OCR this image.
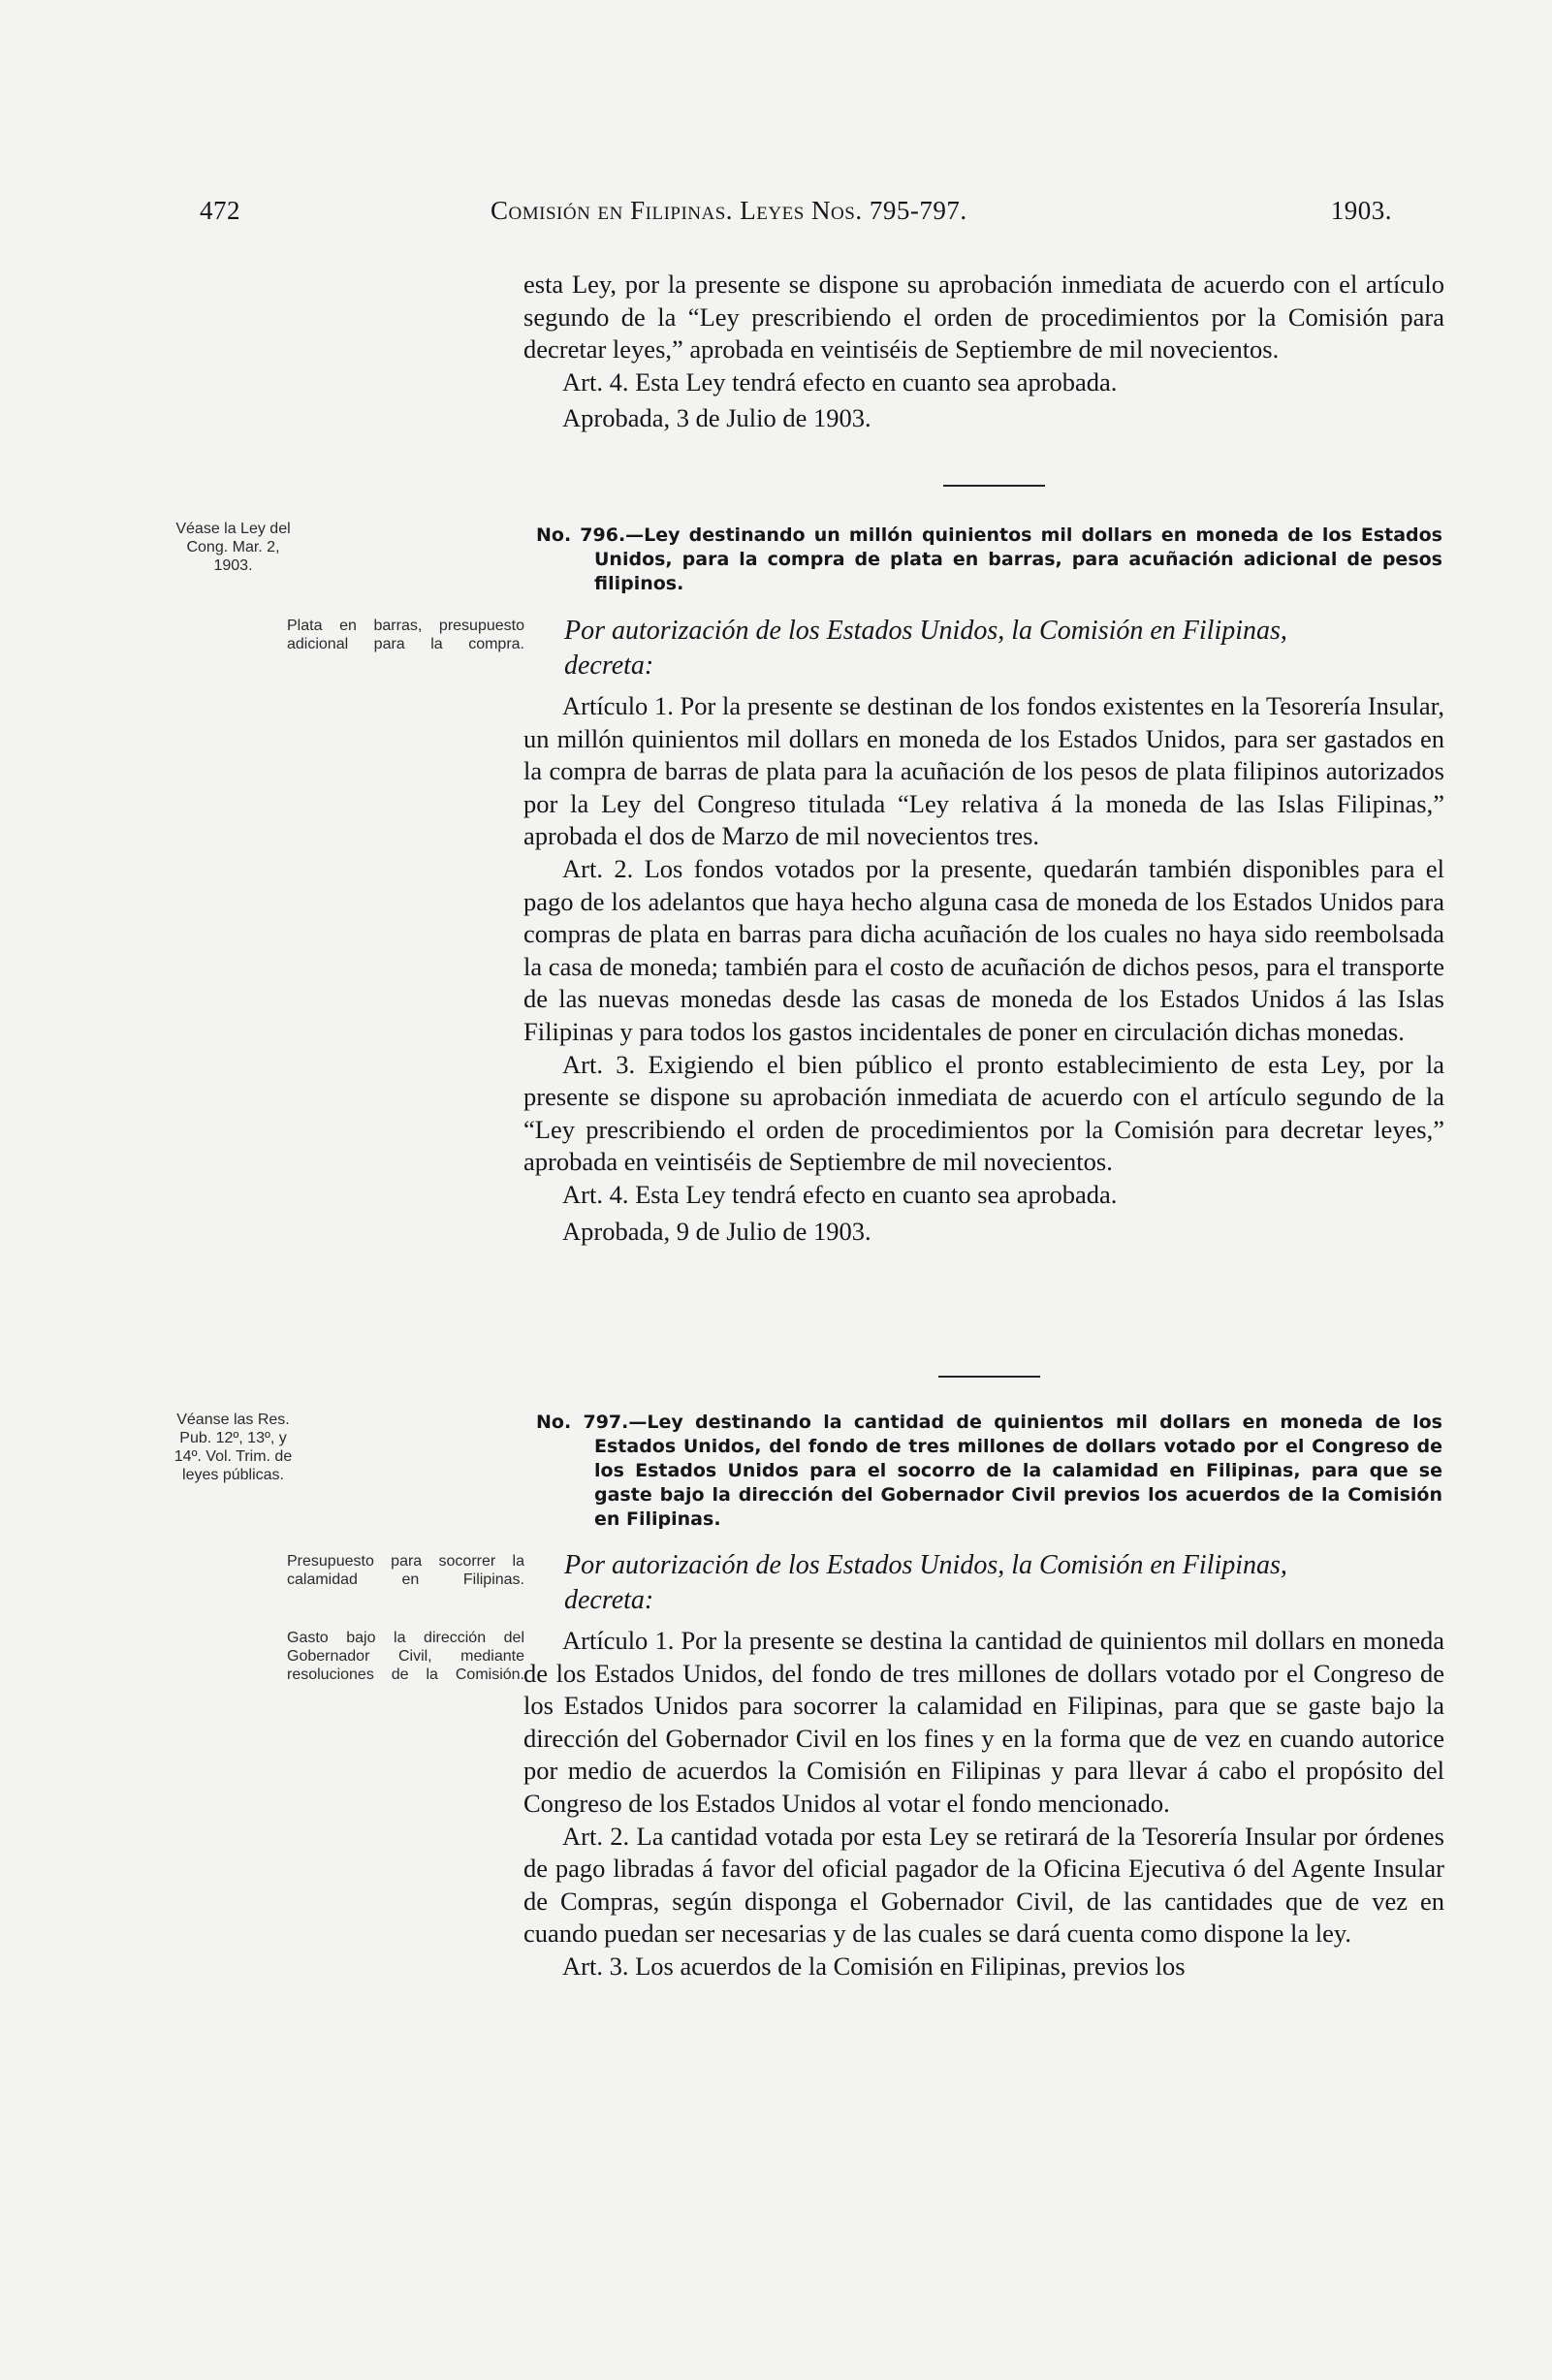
472	Comisión en Filipinas. Leyes Nos. 795-797.	1903.

esta Ley, por la presente se dispone su aprobación inmediata de acuerdo con el artículo segundo de la “Ley prescribiendo el orden de procedimientos por la Comisión para decretar leyes,” aprobada en veintiséis de Septiembre de mil novecientos.

Art. 4. Esta Ley tendrá efecto en cuanto sea aprobada.

Aprobada, 3 de Julio de 1903.

Véase la Ley del Cong. Mar. 2, 1903.
No. 796.—Ley destinando un millón quinientos mil dollars en moneda de los Estados Unidos, para la compra de plata en barras, para acuñación adicional de pesos filipinos.
Plata en barras, presupuesto adicional para la compra. Por autorización de los Estados Unidos, la Comisión en Filipinas,
decreta:

Artículo 1. Por la presente se destinan de los fondos existentes en la Tesorería Insular, un millón quinientos mil dollars en moneda de los Estados Unidos, para ser gastados en la compra de barras de plata para la acuñación de los pesos de plata filipinos autorizados por la Ley del Congreso titulada “Ley relativa á la moneda de las Islas Filipinas,” aprobada el dos de Marzo de mil novecientos tres.

Art. 2. Los fondos votados por la presente, quedarán también disponibles para el pago de los adelantos que haya hecho alguna casa de moneda de los Estados Unidos para compras de plata en barras para dicha acuñación de los cuales no haya sido reembolsada la casa de moneda; también para el costo de acuñación de dichos pesos, para el transporte de las nuevas monedas desde las casas de moneda de los Estados Unidos á las Islas Filipinas y para todos los gastos incidentales de poner en circulación dichas monedas.

Art. 3. Exigiendo el bien público el pronto establecimiento de esta Ley, por la presente se dispone su aprobación inmediata de acuerdo con el artículo segundo de la “Ley prescribiendo el orden de procedimientos por la Comisión para decretar leyes,” aprobada en veintiséis de Septiembre de mil novecientos.

Art. 4. Esta Ley tendrá efecto en cuanto sea aprobada.

Aprobada, 9 de Julio de 1903.

Véanse las Res. Pub. 12º, 13º, y 14º. Vol. Trim. de leyes públicas.
No. 797.—Ley destinando la cantidad de quinientos mil dollars en moneda de los Estados Unidos, del fondo de tres millones de dollars votado por el Congreso de los Estados Unidos para el socorro de la calamidad en Filipinas, para que se gaste bajo la dirección del Gobernador Civil previos los acuerdos de la Comisión en Filipinas.
Presupuesto para socorrer la calamidad en Filipinas.
Gasto bajo la dirección del Gobernador Civil, mediante resoluciones de la Comisión.
Por autorización de los Estados Unidos, la Comisión en Filipinas,
decreta:

Artículo 1. Por la presente se destina la cantidad de quinientos mil dollars en moneda de los Estados Unidos, del fondo de tres millones de dollars votado por el Congreso de los Estados Unidos para socorrer la calamidad en Filipinas, para que se gaste bajo la dirección del Gobernador Civil en los fines y en la forma que de vez en cuando autorice por medio de acuerdos la Comisión en Filipinas y para llevar á cabo el propósito del Congreso de los Estados Unidos al votar el fondo mencionado.

Art. 2. La cantidad votada por esta Ley se retirará de la Tesorería Insular por órdenes de pago libradas á favor del oficial pagador de la Oficina Ejecutiva ó del Agente Insular de Compras, según disponga el Gobernador Civil, de las cantidades que de vez en cuando puedan ser necesarias y de las cuales se dará cuenta como dispone la ley.

Art. 3. Los acuerdos de la Comisión en Filipinas, previos los
